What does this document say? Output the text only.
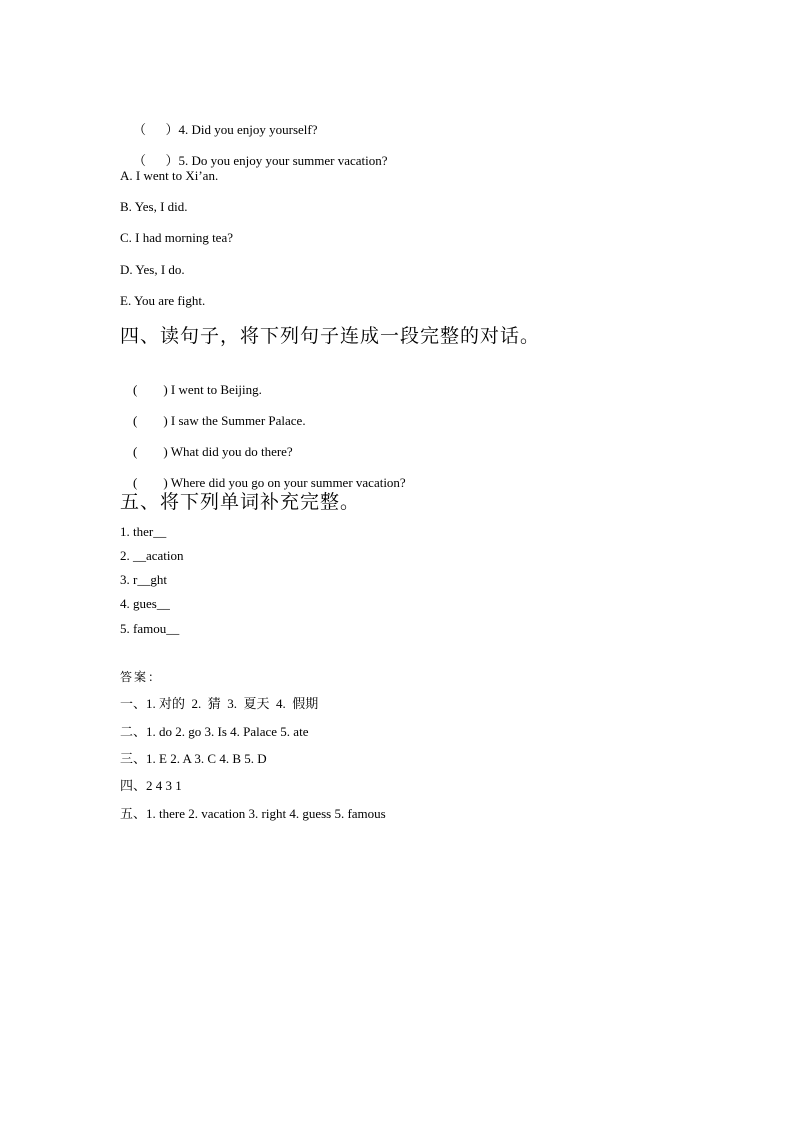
（      ）4. Did you enjoy yourself?

（      ）5. Do you enjoy your summer vacation?

A. I went to Xi’an.
B. Yes, I did.
C. I had morning tea?
D. Yes, I do.
E. You are fight.
四、读句子，将下列句子连成一段完整的对话。

(        ) I went to Beijing.

(        ) I saw the Summer Palace.

(        ) What did you do there?

(        ) Where did you go on your summer vacation?

五、将下列单词补充完整。
1. ther__
2. __acation
3. r__ght
4. gues__
5. famou__
答案：
一、1. 对的  2.  猜  3.  夏天  4.  假期
二、1. do 2. go 3. Is 4. Palace 5. ate
三、1. E 2. A 3. C 4. B 5. D
四、2 4 3 1
五、1. there 2. vacation 3. right 4. guess 5. famous
